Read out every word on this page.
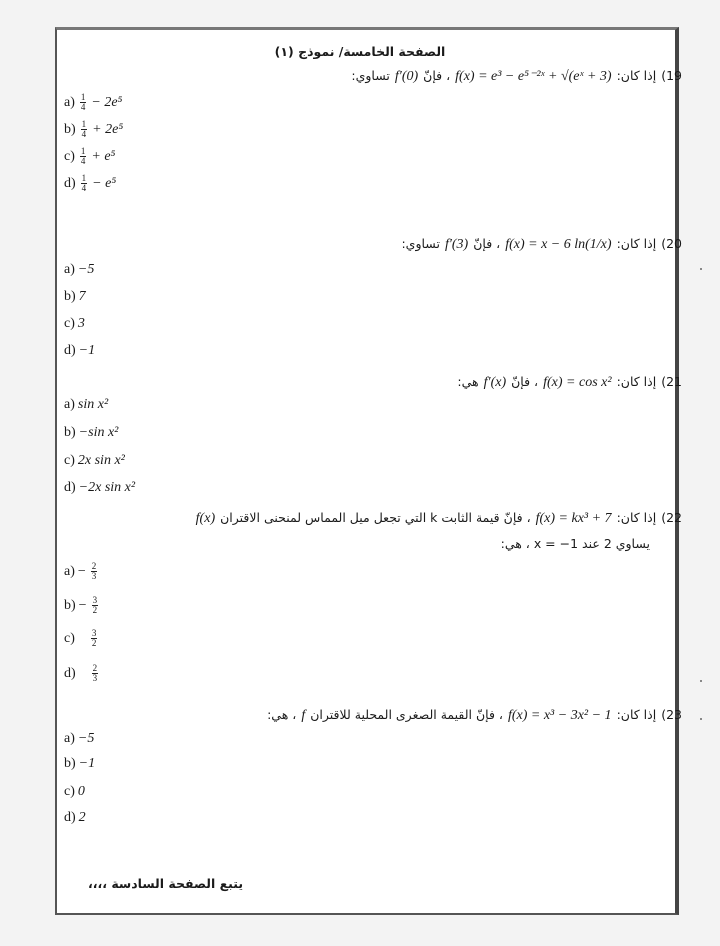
الصفحة الخامسة/ نموذج (١)
19)
إذا كان:
f(x) = e³ − e⁵⁻²ˣ + √(eˣ + 3)
، فإنّ
f′(0)
تساوي:
$a) \frac{1}{4} - 2e^5$
$b) \frac{1}{4} + 2e^5$
$c) \frac{1}{4} + e^5$
$d) \frac{1}{4} - e^5$
20)
إذا كان:
f(x) = x − 6 ln(1/x)
، فإنّ
f′(3)
تساوي:
a) −5
b) 7
c) 3
d) −1
21)
إذا كان:
f(x) = cos x²
، فإنّ
f′(x)
هي:
a) sin x²
b) −sin x²
c) 2x sin x²
d) −2x sin x²
22)
إذا كان:
f(x) = kx³ + 7
، فإنّ قيمة الثابت k التي تجعل ميل المماس لمنحنى الاقتران
f(x)
يساوي 2 عند x = −1 ، هي:
$a) - \frac{2}{3}$
$b) - \frac{3}{2}$
$c) \frac{3}{2}$
$d) \frac{2}{3}$
23)
إذا كان:
f(x) = x³ − 3x² − 1
، فإنّ القيمة الصغرى المحلية للاقتران
f
، هي:
a) −5
b) −1
c) 0
d) 2
يتبع الصفحة السادسة ،،،،
